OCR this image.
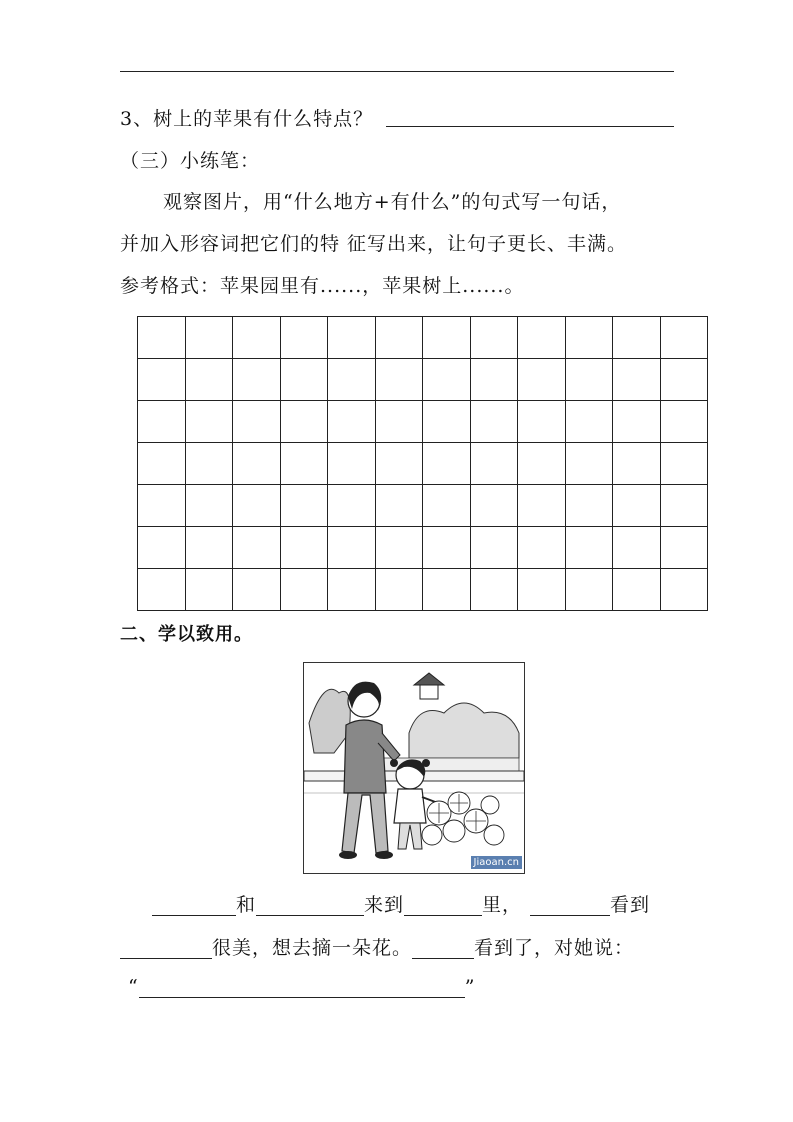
3、树上的苹果有什么特点？
（三）小练笔：
观察图片，用“什么地方+有什么”的句式写一句话，
并加入形容词把它们的特 征写出来，让句子更长、丰满。
参考格式：苹果园里有......，苹果树上......。

二、学以致用。
Jiaoan.cn
和	来到	里，	看到
很美，想去摘一朵花。	看到了，对她说：
“	”
